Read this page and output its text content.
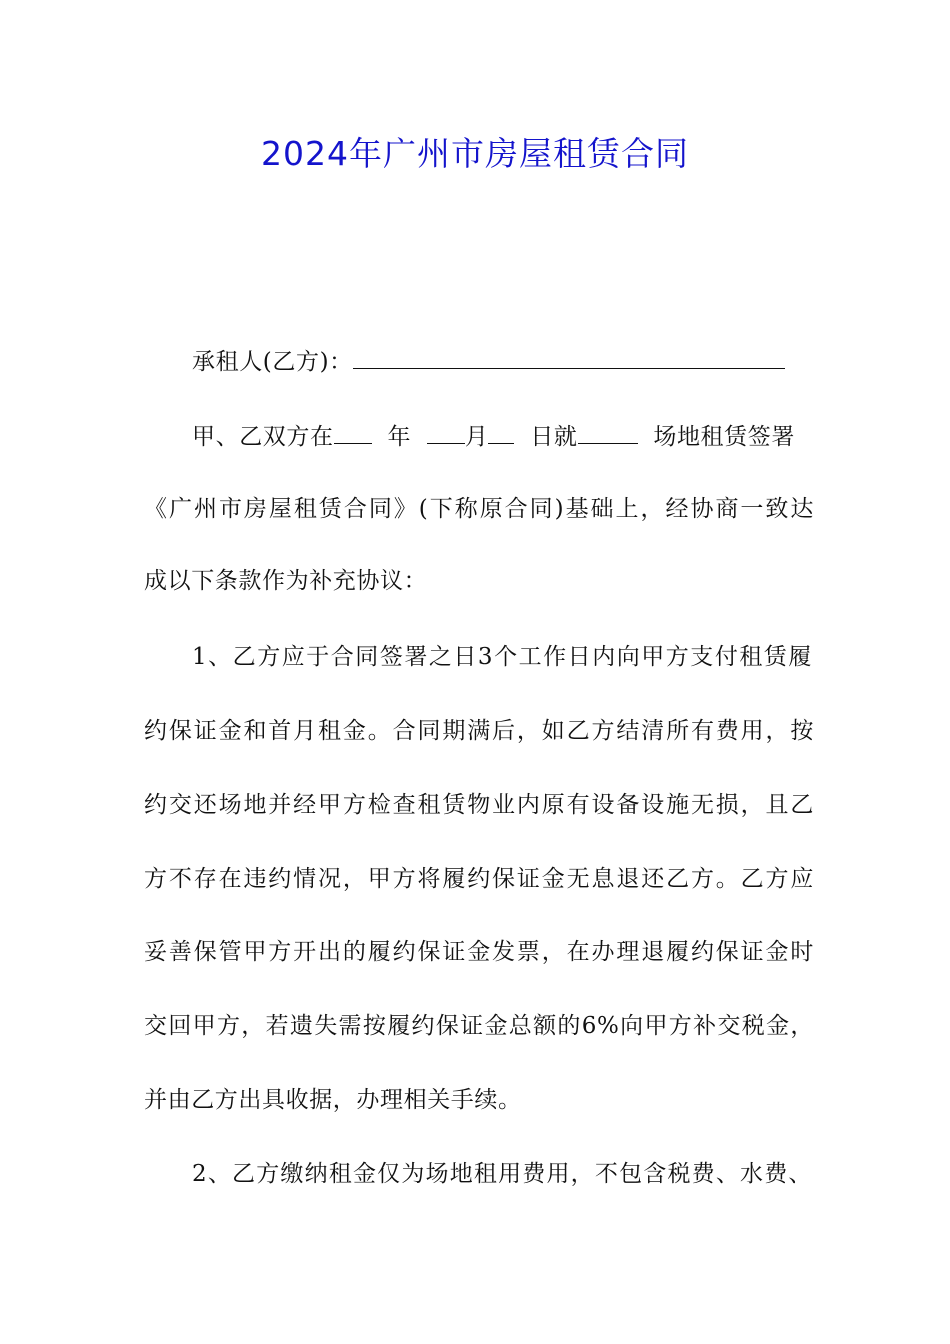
2024年广州市房屋租赁合同
承租人(乙方)：
甲、乙双方在 年 月 日就	场地租赁签署
《广州市房屋租赁合同》(下称原合同)基础上，经协商一致达
成以下条款作为补充协议：
1、乙方应于合同签署之日3个工作日内向甲方支付租赁履
约保证金和首月租金。合同期满后，如乙方结清所有费用，按
约交还场地并经甲方检查租赁物业内原有设备设施无损，且乙
方不存在违约情况，甲方将履约保证金无息退还乙方。乙方应
妥善保管甲方开出的履约保证金发票，在办理退履约保证金时
交回甲方，若遗失需按履约保证金总额的6%向甲方补交税金，
并由乙方出具收据，办理相关手续。
2、乙方缴纳租金仅为场地租用费用，不包含税费、水费、
